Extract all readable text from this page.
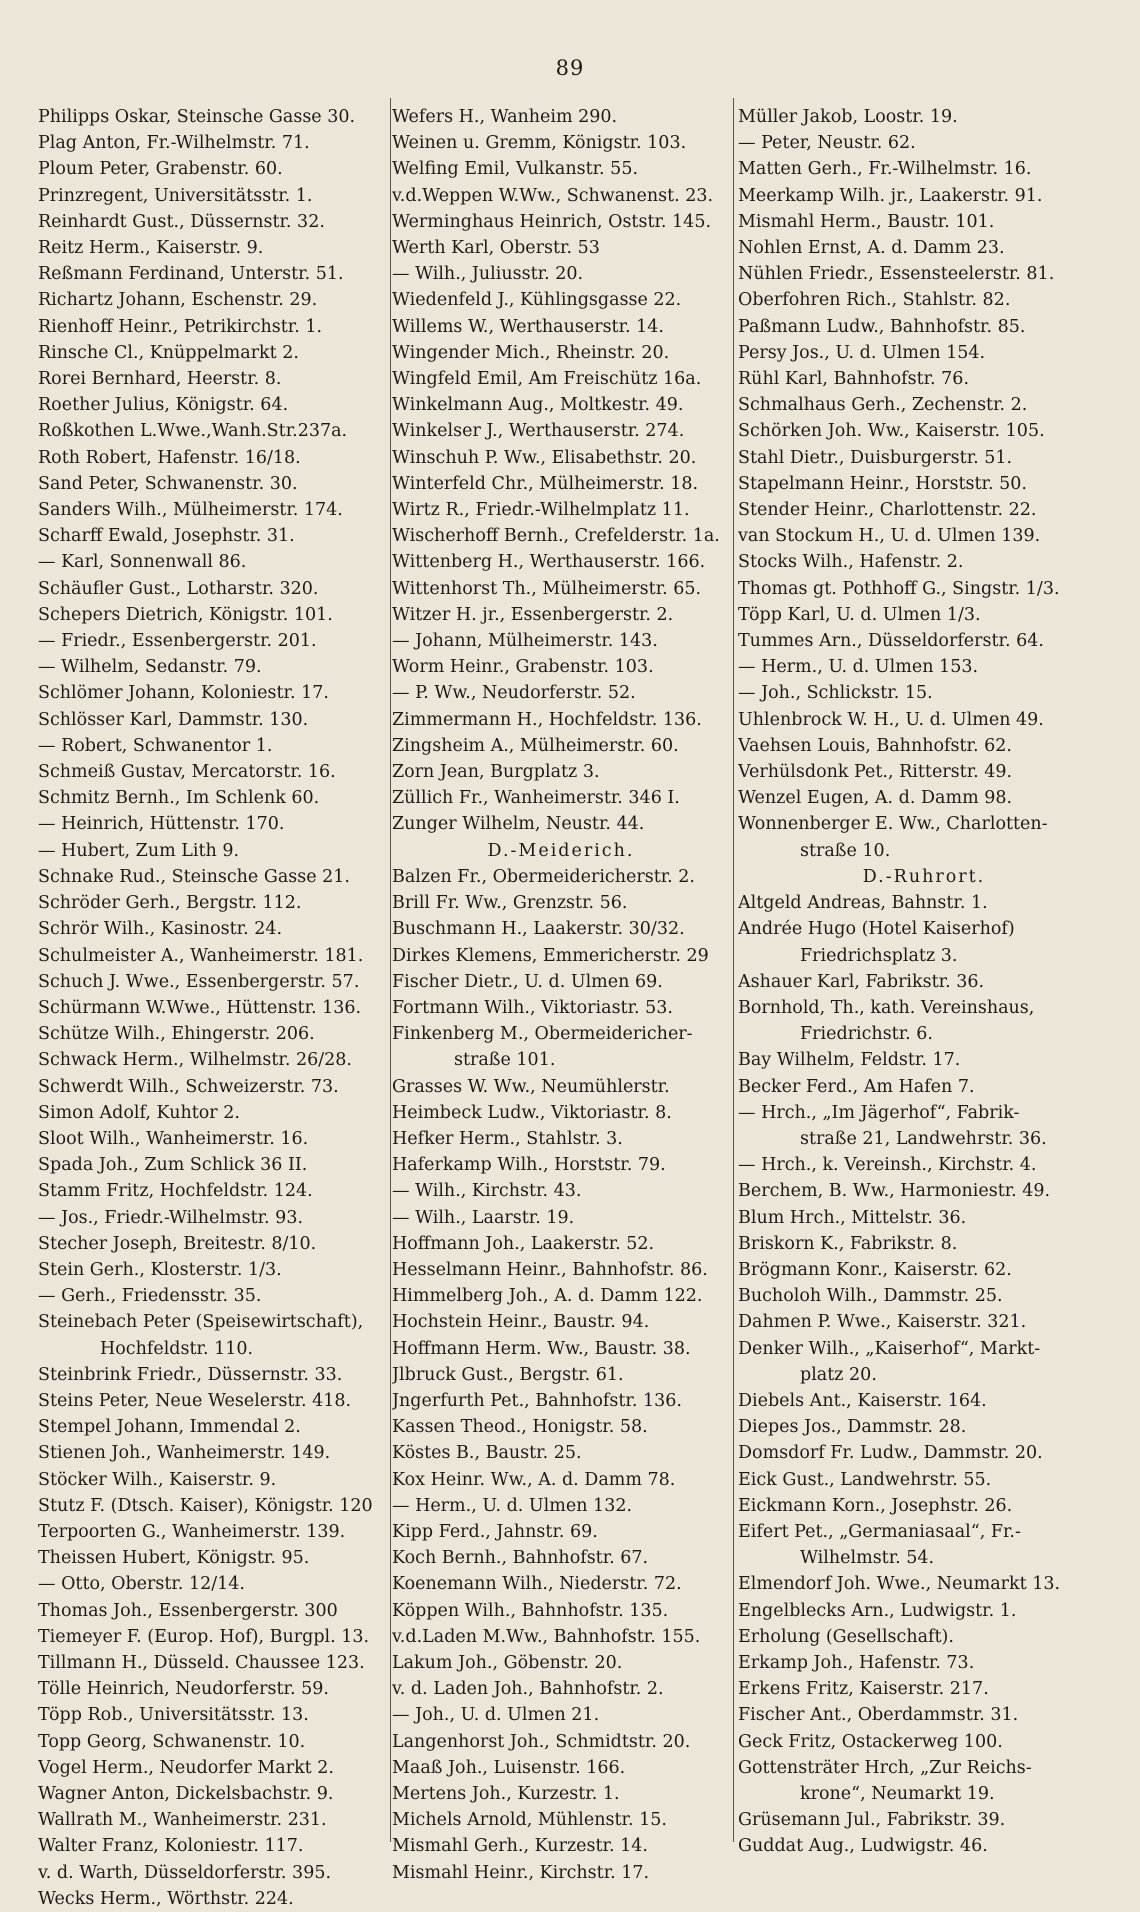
89
Philipps Oskar, Steinsche Gasse 30.
Plag Anton, Fr.-Wilhelmstr. 71.
Ploum Peter, Grabenstr. 60.
Prinzregent, Universitätsstr. 1.
Reinhardt Gust., Düssernstr. 32.
Reitz Herm., Kaiserstr. 9.
Reßmann Ferdinand, Unterstr. 51.
Richartz Johann, Eschenstr. 29.
Rienhoff Heinr., Petrikirchstr. 1.
Rinsche Cl., Knüppelmarkt 2.
Rorei Bernhard, Heerstr. 8.
Roether Julius, Königstr. 64.
Roßkothen L.Wwe.,Wanh.Str.237a.
Roth Robert, Hafenstr. 16/18.
Sand Peter, Schwanenstr. 30.
Sanders Wilh., Mülheimerstr. 174.
Scharff Ewald, Josephstr. 31.
— Karl, Sonnenwall 86.
Schäufler Gust., Lotharstr. 320.
Schepers Dietrich, Königstr. 101.
— Friedr., Essenbergerstr. 201.
— Wilhelm, Sedanstr. 79.
Schlömer Johann, Koloniestr. 17.
Schlösser Karl, Dammstr. 130.
— Robert, Schwanentor 1.
Schmeiß Gustav, Mercatorstr. 16.
Schmitz Bernh., Im Schlenk 60.
— Heinrich, Hüttenstr. 170.
— Hubert, Zum Lith 9.
Schnake Rud., Steinsche Gasse 21.
Schröder Gerh., Bergstr. 112.
Schrör Wilh., Kasinostr. 24.
Schulmeister A., Wanheimerstr. 181.
Schuch J. Wwe., Essenbergerstr. 57.
Schürmann W.Wwe., Hüttenstr. 136.
Schütze Wilh., Ehingerstr. 206.
Schwack Herm., Wilhelmstr. 26/28.
Schwerdt Wilh., Schweizerstr. 73.
Simon Adolf, Kuhtor 2.
Sloot Wilh., Wanheimerstr. 16.
Spada Joh., Zum Schlick 36 II.
Stamm Fritz, Hochfeldstr. 124.
— Jos., Friedr.-Wilhelmstr. 93.
Stecher Joseph, Breitestr. 8/10.
Stein Gerh., Klosterstr. 1/3.
— Gerh., Friedensstr. 35.
Steinebach Peter (Speisewirtschaft),
Hochfeldstr. 110.
Steinbrink Friedr., Düssernstr. 33.
Steins Peter, Neue Weselerstr. 418.
Stempel Johann, Immendal 2.
Stienen Joh., Wanheimerstr. 149.
Stöcker Wilh., Kaiserstr. 9.
Stutz F. (Dtsch. Kaiser), Königstr. 120
Terpoorten G., Wanheimerstr. 139.
Theissen Hubert, Königstr. 95.
— Otto, Oberstr. 12/14.
Thomas Joh., Essenbergerstr. 300
Tiemeyer F. (Europ. Hof), Burgpl. 13.
Tillmann H., Düsseld. Chaussee 123.
Tölle Heinrich, Neudorferstr. 59.
Töpp Rob., Universitätsstr. 13.
Topp Georg, Schwanenstr. 10.
Vogel Herm., Neudorfer Markt 2.
Wagner Anton, Dickelsbachstr. 9.
Wallrath M., Wanheimerstr. 231.
Walter Franz, Koloniestr. 117.
v. d. Warth, Düsseldorferstr. 395.
Wecks Herm., Wörthstr. 224.
Wefers H., Wanheim 290.
Weinen u. Gremm, Königstr. 103.
Welfing Emil, Vulkanstr. 55.
v.d.Weppen W.Ww., Schwanenst. 23.
Werminghaus Heinrich, Oststr. 145.
Werth Karl, Oberstr. 53
— Wilh., Juliusstr. 20.
Wiedenfeld J., Kühlingsgasse 22.
Willems W., Werthauserstr. 14.
Wingender Mich., Rheinstr. 20.
Wingfeld Emil, Am Freischütz 16a.
Winkelmann Aug., Moltkestr. 49.
Winkelser J., Werthauserstr. 274.
Winschuh P. Ww., Elisabethstr. 20.
Winterfeld Chr., Mülheimerstr. 18.
Wirtz R., Friedr.-Wilhelmplatz 11.
Wischerhoff Bernh., Crefelderstr. 1a.
Wittenberg H., Werthauserstr. 166.
Wittenhorst Th., Mülheimerstr. 65.
Witzer H. jr., Essenbergerstr. 2.
— Johann, Mülheimerstr. 143.
Worm Heinr., Grabenstr. 103.
— P. Ww., Neudorferstr. 52.
Zimmermann H., Hochfeldstr. 136.
Zingsheim A., Mülheimerstr. 60.
Zorn Jean, Burgplatz 3.
Züllich Fr., Wanheimerstr. 346 I.
Zunger Wilhelm, Neustr. 44.
D.-Meiderich.
Balzen Fr., Obermeidericherstr. 2.
Brill Fr. Ww., Grenzstr. 56.
Buschmann H., Laakerstr. 30/32.
Dirkes Klemens, Emmericherstr. 29
Fischer Dietr., U. d. Ulmen 69.
Fortmann Wilh., Viktoriastr. 53.
Finkenberg M., Obermeidericher-
straße 101.
Grasses W. Ww., Neumühlerstr.
Heimbeck Ludw., Viktoriastr. 8.
Hefker Herm., Stahlstr. 3.
Haferkamp Wilh., Horststr. 79.
— Wilh., Kirchstr. 43.
— Wilh., Laarstr. 19.
Hoffmann Joh., Laakerstr. 52.
Hesselmann Heinr., Bahnhofstr. 86.
Himmelberg Joh., A. d. Damm 122.
Hochstein Heinr., Baustr. 94.
Hoffmann Herm. Ww., Baustr. 38.
Jlbruck Gust., Bergstr. 61.
Jngerfurth Pet., Bahnhofstr. 136.
Kassen Theod., Honigstr. 58.
Köstes B., Baustr. 25.
Kox Heinr. Ww., A. d. Damm 78.
— Herm., U. d. Ulmen 132.
Kipp Ferd., Jahnstr. 69.
Koch Bernh., Bahnhofstr. 67.
Koenemann Wilh., Niederstr. 72.
Köppen Wilh., Bahnhofstr. 135.
v.d.Laden M.Ww., Bahnhofstr. 155.
Lakum Joh., Göbenstr. 20.
v. d. Laden Joh., Bahnhofstr. 2.
— Joh., U. d. Ulmen 21.
Langenhorst Joh., Schmidtstr. 20.
Maaß Joh., Luisenstr. 166.
Mertens Joh., Kurzestr. 1.
Michels Arnold, Mühlenstr. 15.
Mismahl Gerh., Kurzestr. 14.
Mismahl Heinr., Kirchstr. 17.
Müller Jakob, Loostr. 19.
— Peter, Neustr. 62.
Matten Gerh., Fr.-Wilhelmstr. 16.
Meerkamp Wilh. jr., Laakerstr. 91.
Mismahl Herm., Baustr. 101.
Nohlen Ernst, A. d. Damm 23.
Nühlen Friedr., Essensteelerstr. 81.
Oberfohren Rich., Stahlstr. 82.
Paßmann Ludw., Bahnhofstr. 85.
Persy Jos., U. d. Ulmen 154.
Rühl Karl, Bahnhofstr. 76.
Schmalhaus Gerh., Zechenstr. 2.
Schörken Joh. Ww., Kaiserstr. 105.
Stahl Dietr., Duisburgerstr. 51.
Stapelmann Heinr., Horststr. 50.
Stender Heinr., Charlottenstr. 22.
van Stockum H., U. d. Ulmen 139.
Stocks Wilh., Hafenstr. 2.
Thomas gt. Pothhoff G., Singstr. 1/3.
Töpp Karl, U. d. Ulmen 1/3.
Tummes Arn., Düsseldorferstr. 64.
— Herm., U. d. Ulmen 153.
— Joh., Schlickstr. 15.
Uhlenbrock W. H., U. d. Ulmen 49.
Vaehsen Louis, Bahnhofstr. 62.
Verhülsdonk Pet., Ritterstr. 49.
Wenzel Eugen, A. d. Damm 98.
Wonnenberger E. Ww., Charlotten-
straße 10.
D.-Ruhrort.
Altgeld Andreas, Bahnstr. 1.
Andrée Hugo (Hotel Kaiserhof)
Friedrichsplatz 3.
Ashauer Karl, Fabrikstr. 36.
Bornhold, Th., kath. Vereinshaus,
Friedrichstr. 6.
Bay Wilhelm, Feldstr. 17.
Becker Ferd., Am Hafen 7.
— Hrch., „Im Jägerhof“, Fabrik-
straße 21, Landwehrstr. 36.
— Hrch., k. Vereinsh., Kirchstr. 4.
Berchem, B. Ww., Harmoniestr. 49.
Blum Hrch., Mittelstr. 36.
Briskorn K., Fabrikstr. 8.
Brögmann Konr., Kaiserstr. 62.
Bucholoh Wilh., Dammstr. 25.
Dahmen P. Wwe., Kaiserstr. 321.
Denker Wilh., „Kaiserhof“, Markt-
platz 20.
Diebels Ant., Kaiserstr. 164.
Diepes Jos., Dammstr. 28.
Domsdorf Fr. Ludw., Dammstr. 20.
Eick Gust., Landwehrstr. 55.
Eickmann Korn., Josephstr. 26.
Eifert Pet., „Germaniasaal“, Fr.-
Wilhelmstr. 54.
Elmendorf Joh. Wwe., Neumarkt 13.
Engelblecks Arn., Ludwigstr. 1.
Erholung (Gesellschaft).
Erkamp Joh., Hafenstr. 73.
Erkens Fritz, Kaiserstr. 217.
Fischer Ant., Oberdammstr. 31.
Geck Fritz, Ostackerweg 100.
Gottensträter Hrch, „Zur Reichs-
krone“, Neumarkt 19.
Grüsemann Jul., Fabrikstr. 39.
Guddat Aug., Ludwigstr. 46.
